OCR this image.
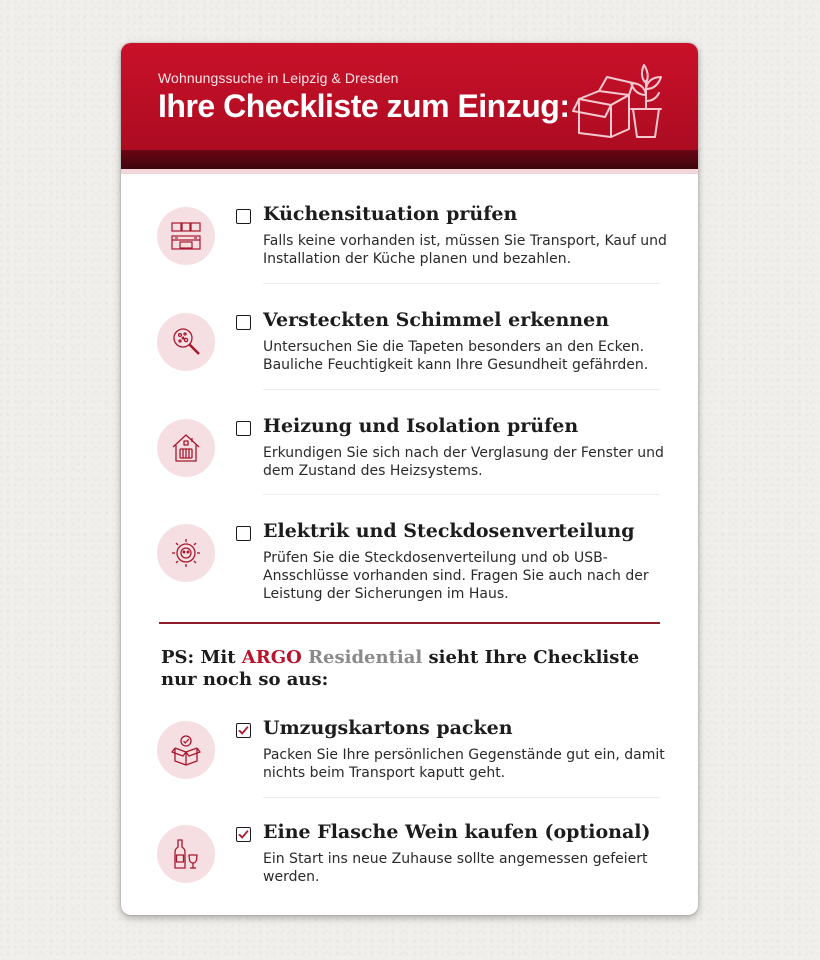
Wohnungssuche in Leipzig & Dresden
Ihre Checkliste zum Einzug:
Küchensituation prüfen
Falls keine vorhanden ist, müssen Sie Transport, Kauf und Installation der Küche planen und bezahlen.
Versteckten Schimmel erkennen
Untersuchen Sie die Tapeten besonders an den Ecken. Bauliche Feuchtigkeit kann Ihre Gesundheit gefährden.
Heizung und Isolation prüfen
Erkundigen Sie sich nach der Verglasung der Fenster und dem Zustand des Heizsystems.
Elektrik und Steckdosenverteilung
Prüfen Sie die Steckdosenverteilung und ob USB-Ansschlüsse vorhanden sind. Fragen Sie auch nach der Leistung der Sicherungen im Haus.
PS: Mit ARGO Residential sieht Ihre Checkliste nur noch so aus:
Umzugskartons packen
Packen Sie Ihre persönlichen Gegenstände gut ein, damit nichts beim Transport kaputt geht.
Eine Flasche Wein kaufen (optional)
Ein Start ins neue Zuhause sollte angemessen gefeiert werden.
